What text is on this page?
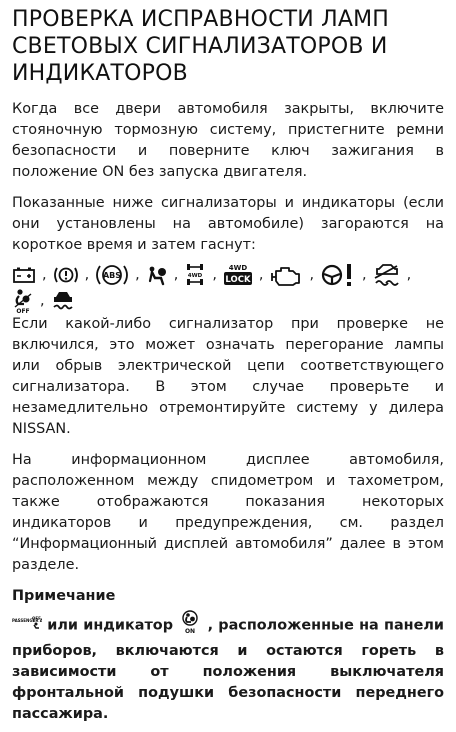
ПРОВЕРКА ИСПРАВНОСТИ ЛАМП СВЕТОВЫХ СИГНАЛИЗАТОРОВ И ИНДИКАТОРОВ

Когда все двери автомобиля закрыты, включите стояночную тормозную систему, пристегните ремни безопасности и поверните ключ зажигания в положение ON без запуска двигателя.

Показанные ниже сигнализаторы и индикаторы (если они установлены на автомобиле) загораются на короткое время и затем гаснут:

,	, ABS , , 4WD , 4WD
LOCK ,	,	,	,
OFF
,

Если какой-либо сигнализатор при проверке не включился, это может означать перегорание лампы или обрыв электрической цепи соответствующего сигнализатора. В этом случае проверьте и незамедлительно отремонтируйте систему у дилера NISSAN.

На информационном дисплее автомобиля, расположенном между спидометром и тахометром, также отображаются показания некоторых индикаторов и предупреждения, см. раздел “Информационный дисплей автомобиля” далее в этом разделе.

Примечание

PASSENGER A
OFF или индикатор ON , расположенные на панели приборов, включаются и остаются гореть в зависимости от положения выключателя фронтальной подушки безопасности переднего пассажира.
